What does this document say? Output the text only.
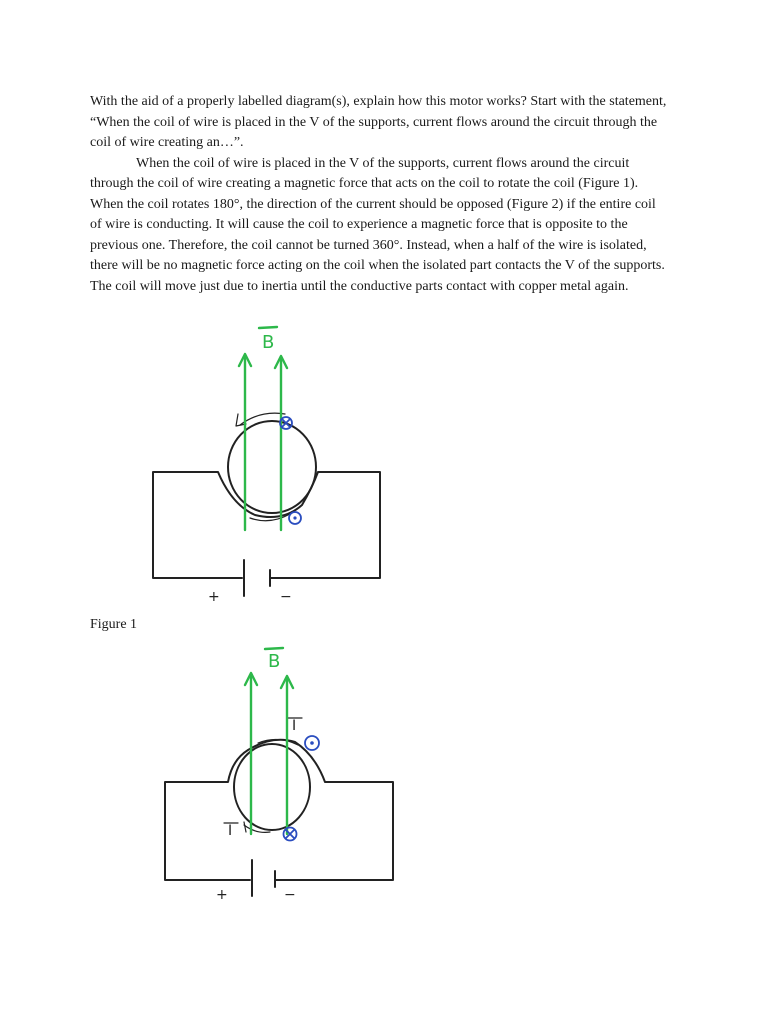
With the aid of a properly labelled diagram(s), explain how this motor works? Start with the statement, “When the coil of wire is placed in the V of the supports, current flows around the circuit through the coil of wire creating an…”.

When the coil of wire is placed in the V of the supports, current flows around the circuit through the coil of wire creating a magnetic force that acts on the coil to rotate the coil (Figure 1). When the coil rotates 180°, the direction of the current should be opposed (Figure 2) if the entire coil of wire is conducting. It will cause the coil to experience a magnetic force that is opposite to the previous one. Therefore, the coil cannot be turned 360°. Instead, when a half of the wire is isolated, there will be no magnetic force acting on the coil when the isolated part contacts the V of the supports. The coil will move just due to inertia until the conductive parts contact with copper metal again.

B
+	−
Figure 1
B
I
I
+	−
